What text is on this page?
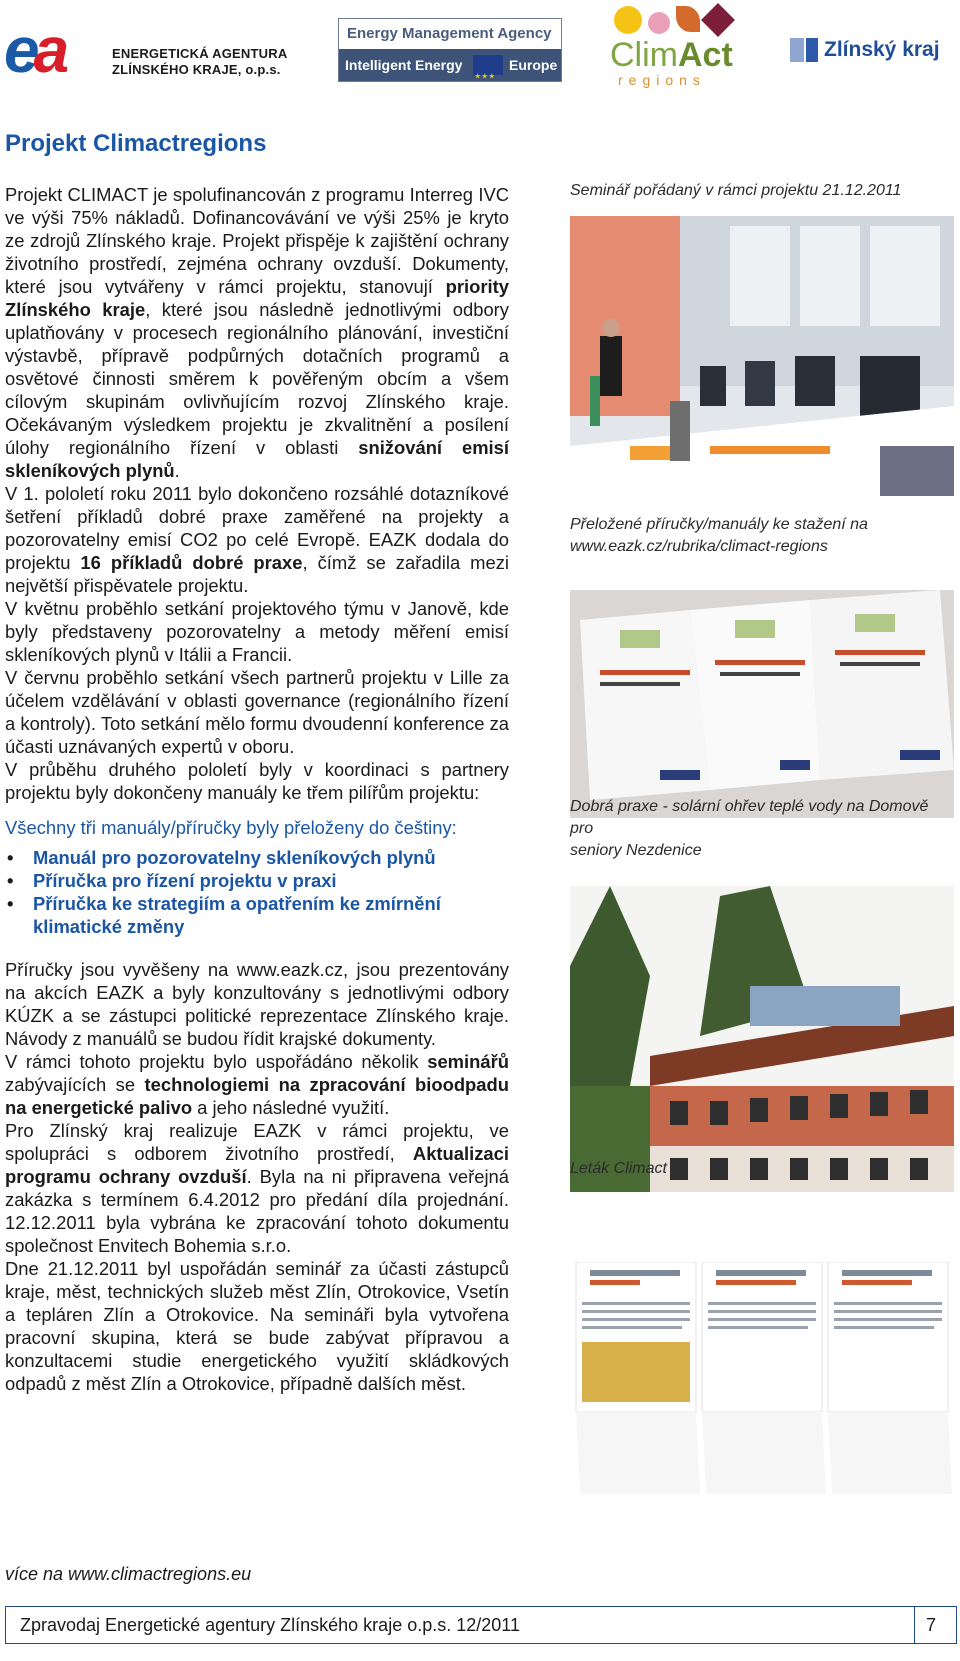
ea	ENERGETICKÁ AGENTURA
ZLÍNSKÉHO KRAJE, o.p.s.
Energy Management Agency
Intelligent Energy
★ ★ ★	Europe ClimAct
regions
Zlínský kraj
Projekt Climactregions

Projekt CLIMACT je spolufinancován z programu Interreg IVC ve výši 75% nákladů. Dofinancovávání ve výši 25% je kryto ze zdrojů Zlínského kraje. Projekt přispěje k zajištění ochrany životního prostředí, zejména ochrany ovzduší. Dokumenty, které jsou vytvářeny v rámci projektu, stanovují priority Zlínského kraje, které jsou následně jednotlivými odbory uplatňovány v procesech regionálního plánování, investiční výstavbě, přípravě podpůrných dotačních programů a osvětové činnosti směrem k pověřeným obcím a všem cílovým skupinám ovlivňujícím rozvoj Zlínského kraje. Očekávaným výsledkem projektu je zkvalitnění a posílení úlohy regionálního řízení v oblasti snižování emisí skleníkových plynů.

V 1. pololetí roku 2011 bylo dokončeno rozsáhlé dotazníkové šetření příkladů dobré praxe zaměřené na projekty a pozorovatelny emisí CO2 po celé Evropě. EAZK dodala do projektu 16 příkladů dobré praxe, čímž se zařadila mezi největší přispěvatele projektu.

V květnu proběhlo setkání projektového týmu v Janově, kde byly představeny pozorovatelny a metody měření emisí skleníkových plynů v Itálii a Francii.

V červnu proběhlo setkání všech partnerů projektu v Lille za účelem vzdělávání v oblasti governance (regionálního řízení a kontroly). Toto setkání mělo formu dvoudenní konference za účasti uznávaných expertů v oboru.

V průběhu druhého pololetí byly v koordinaci s partnery projektu byly dokončeny manuály ke třem pilířům projektu:

Všechny tři manuály/příručky byly přeloženy do češtiny:
• Manuál pro pozorovatelny skleníkových plynů
• Příručka pro řízení projektu v praxi
• Příručka ke strategiím a opatřením ke zmírnění klimatické změny

Příručky jsou vyvěšeny na www.eazk.cz, jsou prezentovány na akcích EAZK a byly konzultovány s jednotlivými odbory KÚZK a se zástupci politické reprezentace Zlínského kraje. Návody z manuálů se budou řídit krajské dokumenty.

V rámci tohoto projektu bylo uspořádáno několik seminářů zabývajících se technologiemi na zpracování bioodpadu na energetické palivo a jeho následné využití.

Pro Zlínský kraj realizuje EAZK v rámci projektu, ve spolupráci s odborem životního prostředí, Aktualizaci programu ochrany ovzduší. Byla na ni připravena veřejná zakázka s termínem 6.4.2012 pro předání díla projednání. 12.12.2011 byla vybrána ke zpracování tohoto dokumentu společnost Envitech Bohemia s.r.o.

Dne 21.12.2011 byl uspořádán seminář za účasti zástupců kraje, měst, technických služeb měst Zlín, Otrokovice, Vsetín a tepláren Zlín a Otrokovice. Na semináři byla vytvořena pracovní skupina, která se bude zabývat přípravou a konzultacemi studie energetického využití skládkových odpadů z měst Zlín a Otrokovice, případně dalších měst.

Seminář pořádaný v rámci projektu 21.12.2011
Přeložené příručky/manuály ke stažení na
www.eazk.cz/rubrika/climact-regions
Dobrá praxe - solární ohřev teplé vody na Domově pro
seniory Nezdenice
Leták Climact
více na www.climactregions.eu
Zpravodaj Energetické agentury Zlínského kraje o.p.s. 12/2011	7
